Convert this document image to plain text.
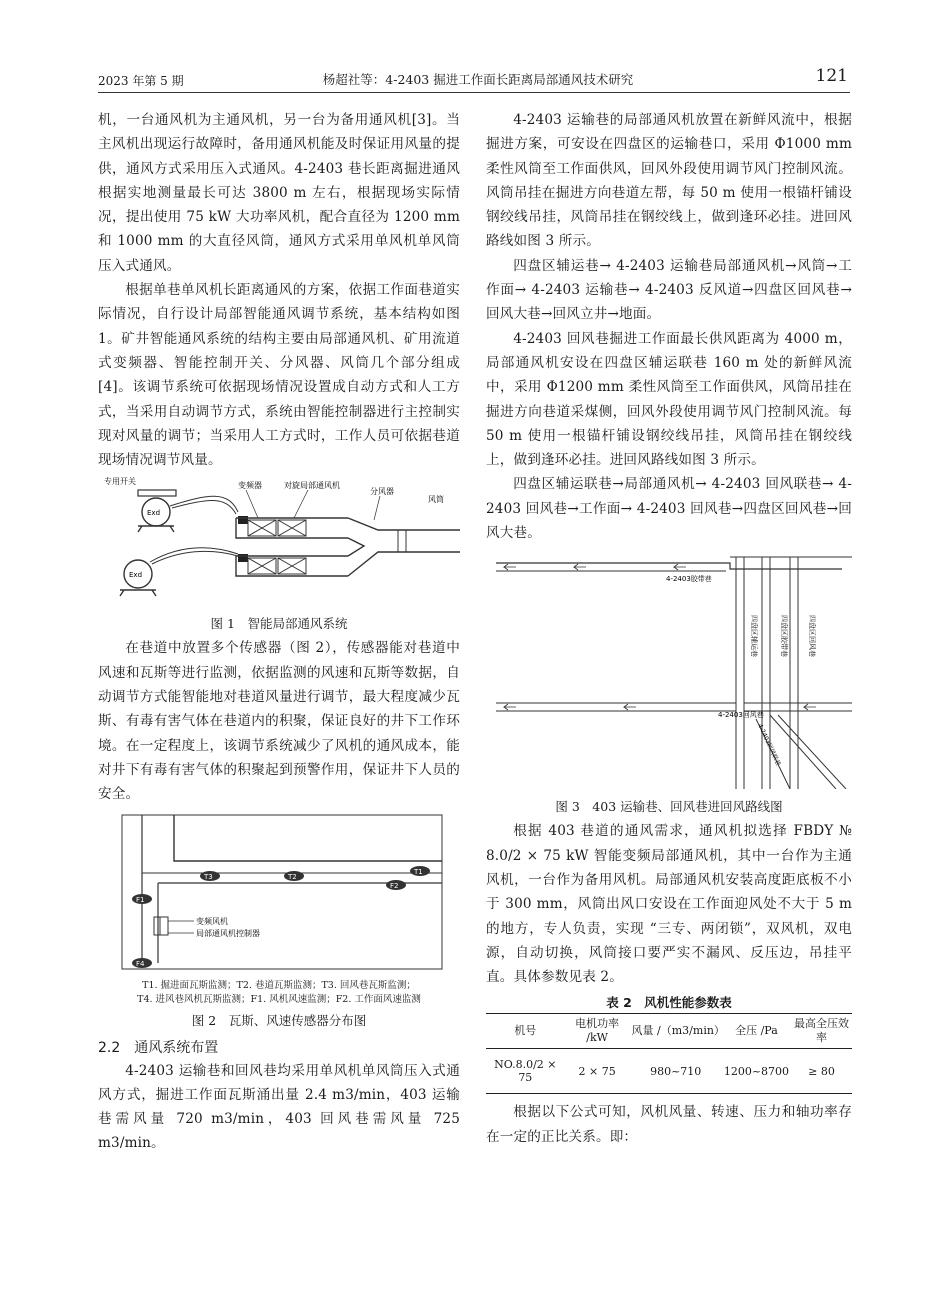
2023 年第 5 期	杨超社等：4-2403 掘进工作面长距离局部通风技术研究	121

机，一台通风机为主通风机，另一台为备用通风机[3]。当主风机出现运行故障时，备用通风机能及时保证用风量的提供，通风方式采用压入式通风。4-2403 巷长距离掘进通风根据实地测量最长可达 3800 m 左右，根据现场实际情况，提出使用 75 kW 大功率风机，配合直径为 1200 mm 和 1000 mm 的大直径风筒，通风方式采用单风机单风筒压入式通风。

根据单巷单风机长距离通风的方案，依据工作面巷道实际情况，自行设计局部智能通风调节系统，基本结构如图 1。矿井智能通风系统的结构主要由局部通风机、矿用流道式变频器、智能控制开关、分风器、风筒几个部分组成[4]。该调节系统可依据现场情况设置成自动方式和人工方式，当采用自动调节方式，系统由智能控制器进行主控制实现对风量的调节；当采用人工方式时，工作人员可依据巷道现场情况调节风量。

专用开关
Exd
Exd
变频器	对旋局部通风机
分风器
风筒
图 1　智能局部通风系统

在巷道中放置多个传感器（图 2），传感器能对巷道中风速和瓦斯等进行监测，依据监测的风速和瓦斯等数据，自动调节方式能智能地对巷道风量进行调节，最大程度减少瓦斯、有毒有害气体在巷道内的积聚，保证良好的井下工作环境。在一定程度上，该调节系统减少了风机的通风成本，能对井下有毒有害气体的积聚起到预警作用，保证井下人员的安全。

T3	T2
T1
F2
F1
F4
变频风机
局部通风机控制器
T1. 掘进面瓦斯监测；T2. 巷道瓦斯监测；T3. 回风巷瓦斯监测；
T4. 进风巷风机瓦斯监测；F1. 风机风速监测；F2. 工作面风速监测
图 2　瓦斯、风速传感器分布图
2.2　通风系统布置

4-2403 运输巷和回风巷均采用单风机单风筒压入式通风方式，掘进工作面瓦斯涌出量 2.4 m3/min，403 运输巷需风量 720 m3/min，403 回风巷需风量 725 m3/min。

4-2403 运输巷的局部通风机放置在新鲜风流中，根据掘进方案，可安设在四盘区的运输巷口，采用 Φ1000 mm 柔性风筒至工作面供风，回风外段使用调节风门控制风流。风筒吊挂在掘进方向巷道左帮，每 50 m 使用一根锚杆铺设钢绞线吊挂，风筒吊挂在钢绞线上，做到逢环必挂。进回风路线如图 3 所示。

四盘区辅运巷→ 4-2403 运输巷局部通风机→风筒→工作面→ 4-2403 运输巷→ 4-2403 反风道→四盘区回风巷→回风大巷→回风立井→地面。

4-2403 回风巷掘进工作面最长供风距离为 4000 m，局部通风机安设在四盘区辅运联巷 160 m 处的新鲜风流中，采用 Φ1200 mm 柔性风筒至工作面供风，风筒吊挂在掘进方向巷道采煤侧，回风外段使用调节风门控制风流。每 50 m 使用一根锚杆铺设钢绞线吊挂，风筒吊挂在钢绞线上，做到逢环必挂。进回风路线如图 3 所示。

四盘区辅运联巷→局部通风机→ 4-2403 回风联巷→ 4-2403 回风巷→工作面→ 4-2403 回风巷→四盘区回风巷→回风大巷。

4-2403胶带巷
4-2403回风巷
四盘区辅运巷	四盘区胶带巷	四盘区回风巷
4-2403回风联巷
图 3　403 运输巷、回风巷进回风路线图

根据 403 巷道的通风需求，通风机拟选择 FBDY № 8.0/2 × 75 kW 智能变频局部通风机，其中一台作为主通风机，一台作为备用风机。局部通风机安装高度距底板不小于 300 mm，风筒出风口安设在工作面迎风处不大于 5 m 的地方，专人负责，实现 “三专、两闭锁”，双风机，双电源，自动切换，风筒接口要严实不漏风、反压边，吊挂平直。具体参数见表 2。

表 2　风机性能参数表
机号	电机功率 /kW	风量 /（m3/min）	全压 /Pa	最高全压效率
NO.8.0/2 × 75	2 × 75	980~710	1200~8700	≥ 80

根据以下公式可知，风机风量、转速、压力和轴功率存在一定的正比关系。即：
